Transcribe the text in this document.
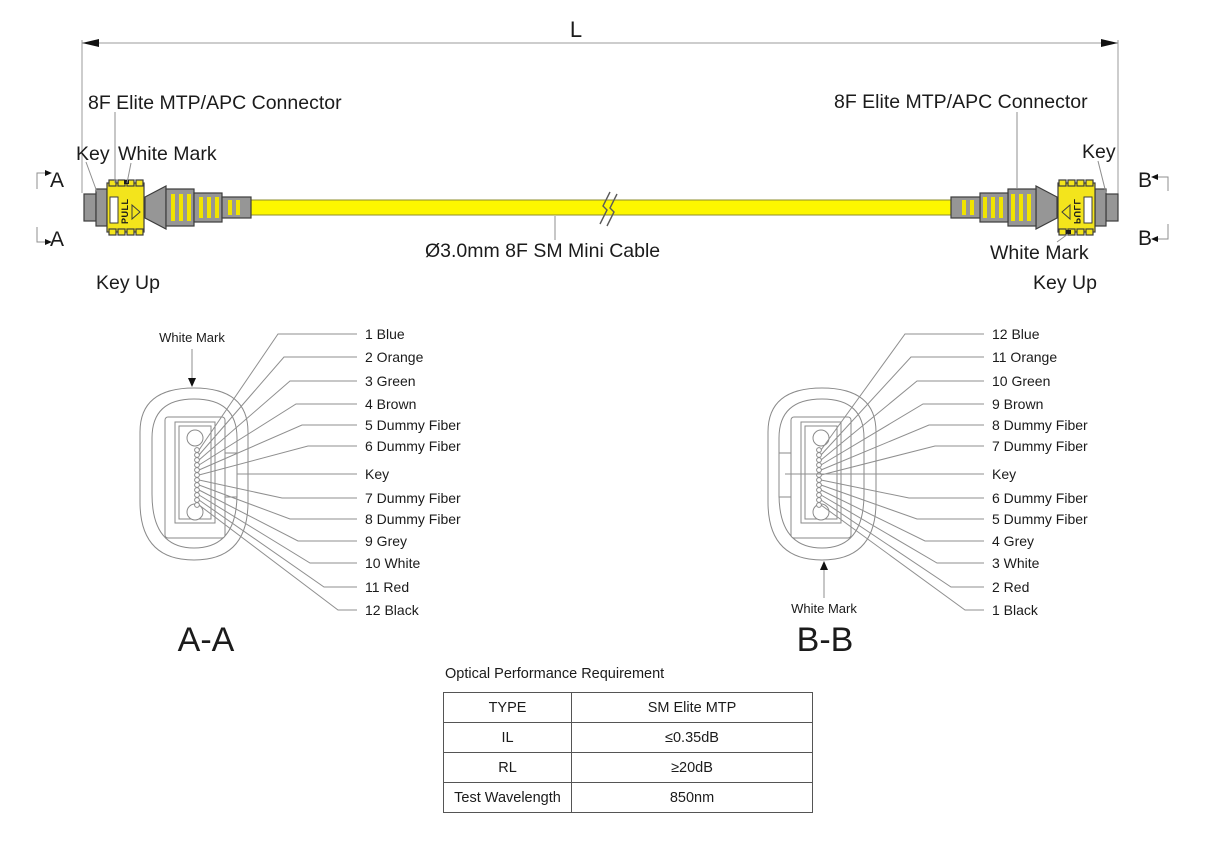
L
PULL	PULL
8F Elite MTP/APC Connector	8F Elite MTP/APC Connector
Key	Key
White Mark
White Mark
Key Up	Key Up
Ø3.0mm 8F SM Mini Cable
A
A
B
B
1 Blue
2 Orange
3 Green
4 Brown
5 Dummy Fiber
6 Dummy Fiber
Key
7 Dummy Fiber
8 Dummy Fiber
9 Grey
10 White
11 Red
12 Black
White Mark
A-A
12 Blue
11 Orange
10 Green
9 Brown
8 Dummy Fiber
7 Dummy Fiber
Key
6 Dummy Fiber
5 Dummy Fiber
4 Grey
3 White
2 Red
1 Black
White Mark
B-B
Optical Performance Requirement
TYPE	SM Elite MTP
IL	≤0.35dB
RL	≥20dB
Test Wavelength	850nm
